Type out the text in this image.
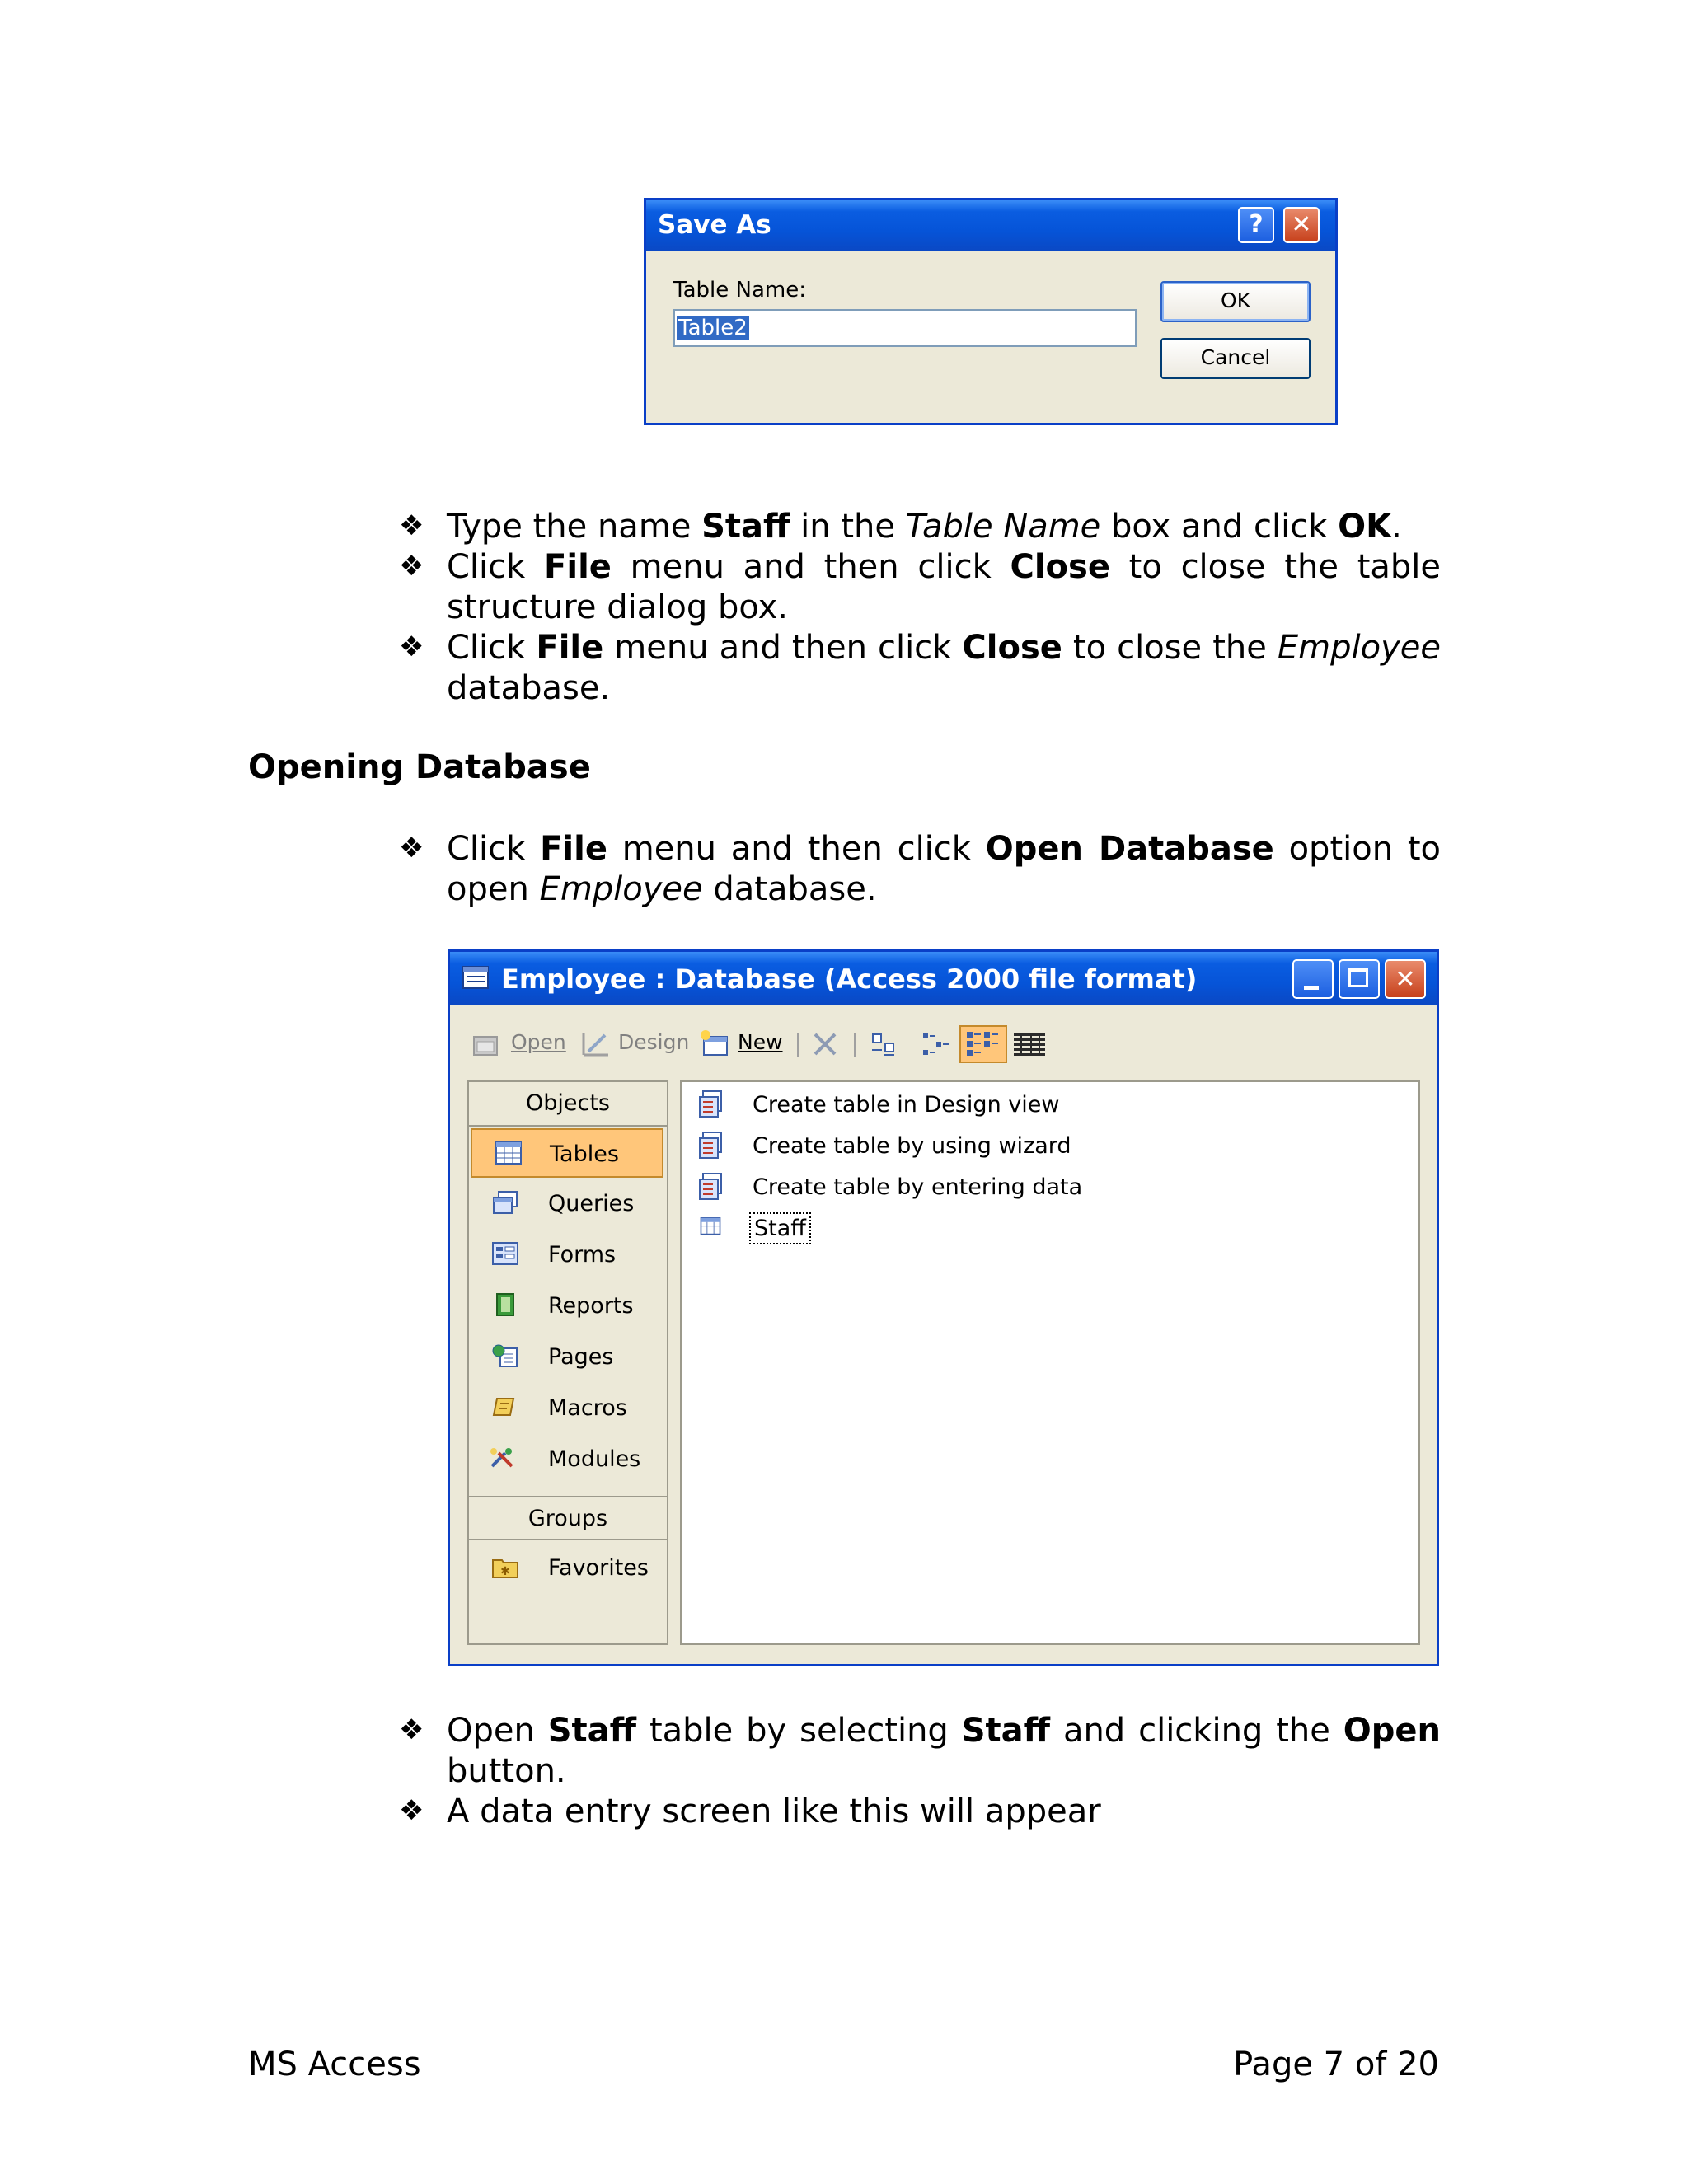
Save As	?	✕
Table Name:
Table2
OK
Cancel
❖ Type the name Staff in the Table Name box and click OK.
❖ Click File menu and then click Close to close the table structure dialog box.
❖ Click File menu and then click Close to close the Employee database.
Opening Database
❖ Click File menu and then click Open Database option to open Employee database.
Employee : Database (Access 2000 file format)	✕
Open	Design New
Objects
Tables
Queries
Forms
Reports
Pages
Macros
Modules
Groups
✱ Favorites
Create table in Design view
Create table by using wizard
Create table by entering data
Staff
❖ Open Staff table by selecting Staff and clicking the Open button.
❖ A data entry screen like this will appear
MS Access	Page 7 of 20
